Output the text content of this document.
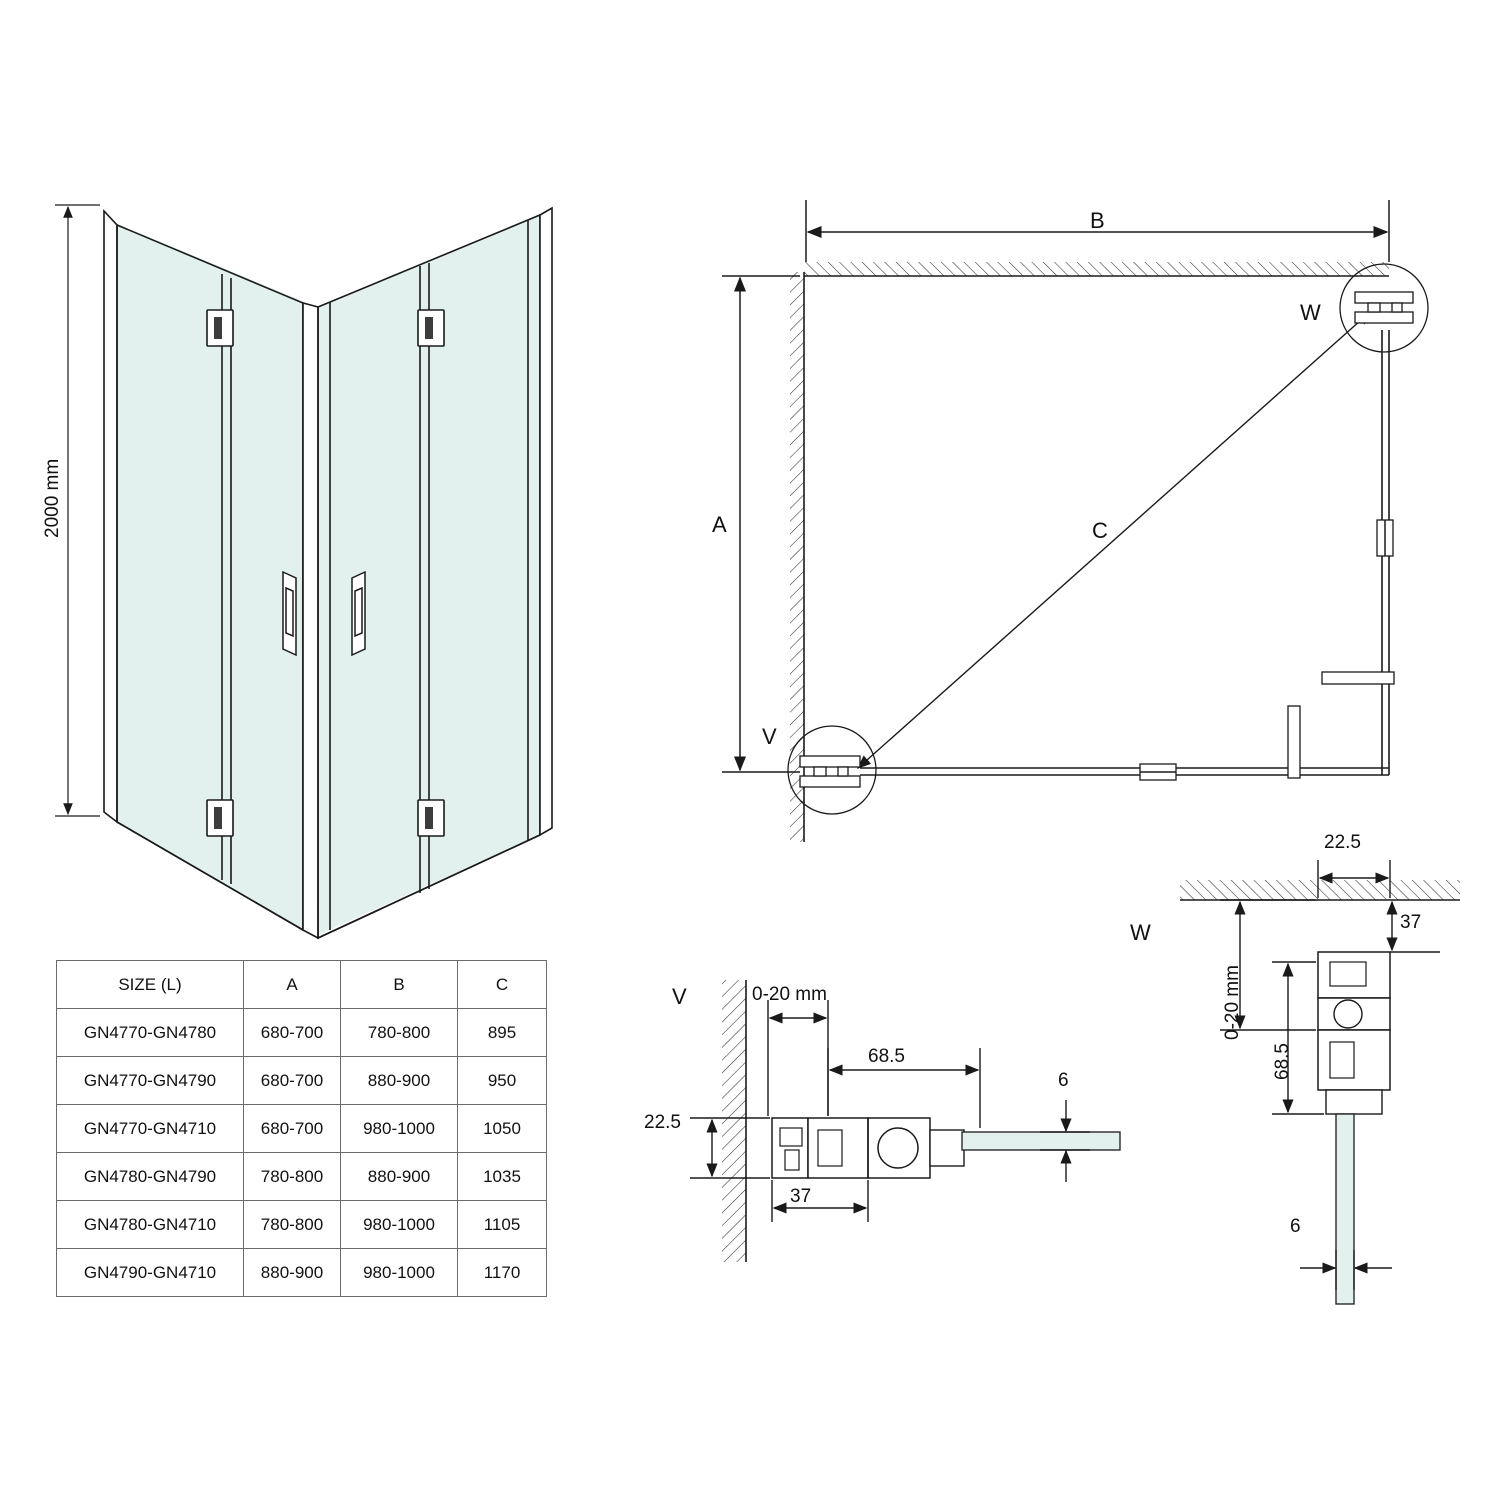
2000 mm
B
A	C
W
V
V	0-20 mm
68.5
37
22.5
6
W
22.5
37
0-20 mm
68.5
6
SIZE (L)	A	B	C
GN4770-GN4780	680-700	780-800	895
GN4770-GN4790	680-700	880-900	950
GN4770-GN4710	680-700	980-1000	1050
GN4780-GN4790	780-800	880-900	1035
GN4780-GN4710	780-800	980-1000	1105
GN4790-GN4710	880-900	980-1000	1170
